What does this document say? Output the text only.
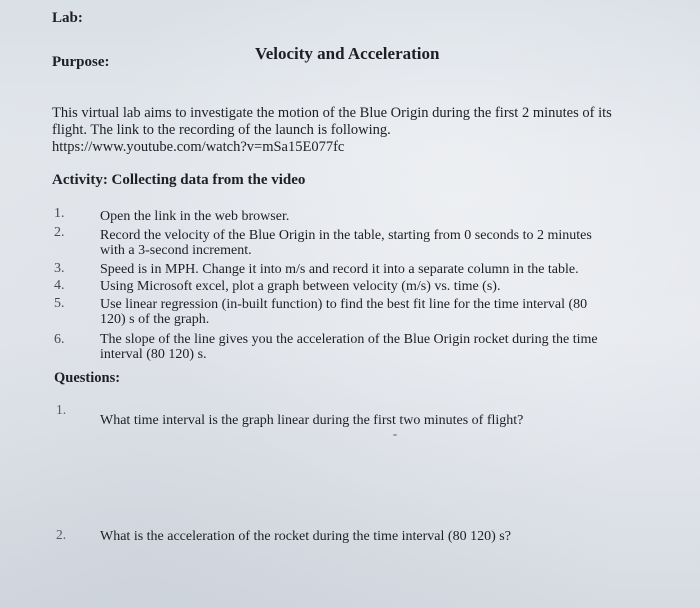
Lab:
Velocity and Acceleration
Purpose:
This virtual lab aims to investigate the motion of the Blue Origin during the first 2 minutes of its
flight. The link to the recording of the launch is following.
https://www.youtube.com/watch?v=mSa15E077fc
Activity: Collecting data from the video
1.	Open the link in the web browser.
2.	Record the velocity of the Blue Origin in the table, starting from 0 seconds to 2 minutes
with a 3-second increment.
3.	Speed is in MPH. Change it into m/s and record it into a separate column in the table.
4.	Using Microsoft excel, plot a graph between velocity (m/s) vs. time (s).
5.	Use linear regression (in-built function) to find the best fit line for the time interval (80
120) s of the graph.
6.	The slope of the line gives you the acceleration of the Blue Origin rocket during the time
interval (80 120) s.
Questions:
1.
What time interval is the graph linear during the first two minutes of flight?
2. What is the acceleration of the rocket during the time interval (80 120) s?
